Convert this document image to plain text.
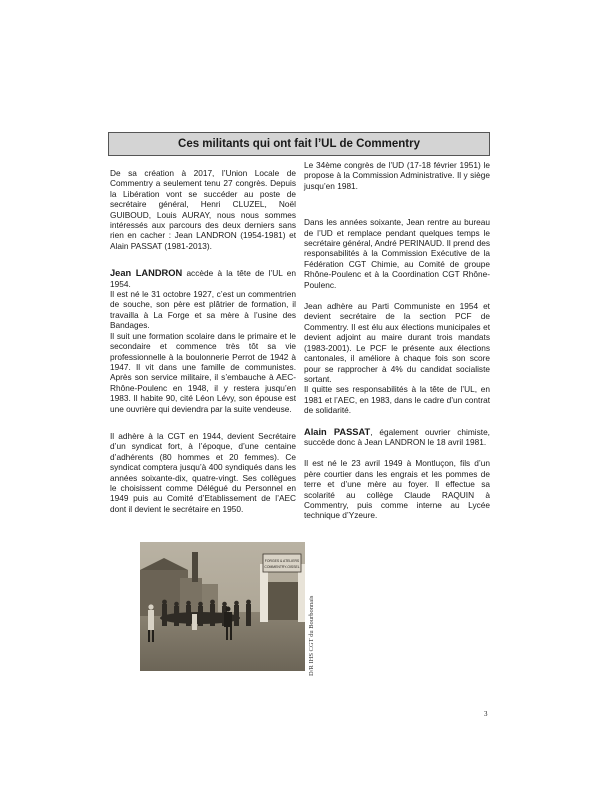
Ces militants qui ont fait l’UL de Commentry

De sa création à 2017, l’Union Locale de Commentry a seulement tenu 27 congrès. Depuis la Libération vont se succéder au poste de secrétaire général, Henri CLUZEL, Noël GUIBOUD, Louis AURAY, nous nous sommes intéressés aux parcours des deux derniers sans rien en cacher : Jean LANDRON (1954-1981) et Alain PASSAT (1981-2013).

Jean LANDRON accède à la tête de l’UL en 1954.

Il est né le 31 octobre 1927, c’est un commentrien de souche, son père est plâtrier de formation, il travailla à La Forge et sa mère à l’usine des Bandages.

Il suit une formation scolaire dans le primaire et le secondaire et commence très tôt sa vie professionnelle à la boulonnerie Perrot de 1942 à 1947. Il vit dans une famille de communistes. Après son service militaire, il s’embauche à AEC-Rhône-Poulenc en 1948, il y restera jusqu’en 1983. Il habite 90, cité Léon Lévy, son épouse est une ouvrière qui deviendra par la suite vendeuse.

Il adhère à la CGT en 1944, devient Secrétaire d’un syndicat fort, à l’époque, d’une centaine d’adhérents (80 hommes et 20 femmes). Ce syndicat comptera jusqu’à 400 syndiqués dans les années soixante-dix, quatre-vingt. Ses collègues le choisissent comme Délégué du Personnel en 1949 puis au Comité d’Etablissement de l’AEC dont il devient le secrétaire en 1950.

Le 34ème congrès de l’UD (17-18 février 1951) le propose à la Commission Administrative. Il y siège jusqu’en 1981.

Dans les années soixante, Jean rentre au bureau de l’UD et remplace pendant quelques temps le secrétaire général, André PERINAUD. Il prend des responsabilités à la Commission Exécutive de la Fédération CGT Chimie, au Comité de groupe Rhône-Poulenc et à la Coordination CGT Rhône-Poulenc.

Jean adhère au Parti Communiste en 1954 et devient secrétaire de la section PCF de Commentry. Il est élu aux élections municipales et devient adjoint au maire durant trois mandats (1983-2001). Le PCF le présente aux élections cantonales, il améliore à chaque fois son score pour se rapprocher à 4% du candidat socialiste sortant.

Il quitte ses responsabilités à la tête de l’UL, en 1981 et l’AEC, en 1983, dans le cadre d’un contrat de solidarité.

Alain PASSAT, également ouvrier chimiste, succède donc à Jean LANDRON le 18 avril 1981.

Il est né le 23 avril 1949 à Montluçon, fils d’un père courtier dans les engrais et les pommes de terre et d’une mère au foyer. Il effectue sa scolarité au collège Claude RAQUIN à Commentry, puis comme interne au Lycée technique d’Yzeure.

FORGES & ATELIERS
COMMENTRY-OISSEL
D/R IHS CGT du Bourbonnais
3
